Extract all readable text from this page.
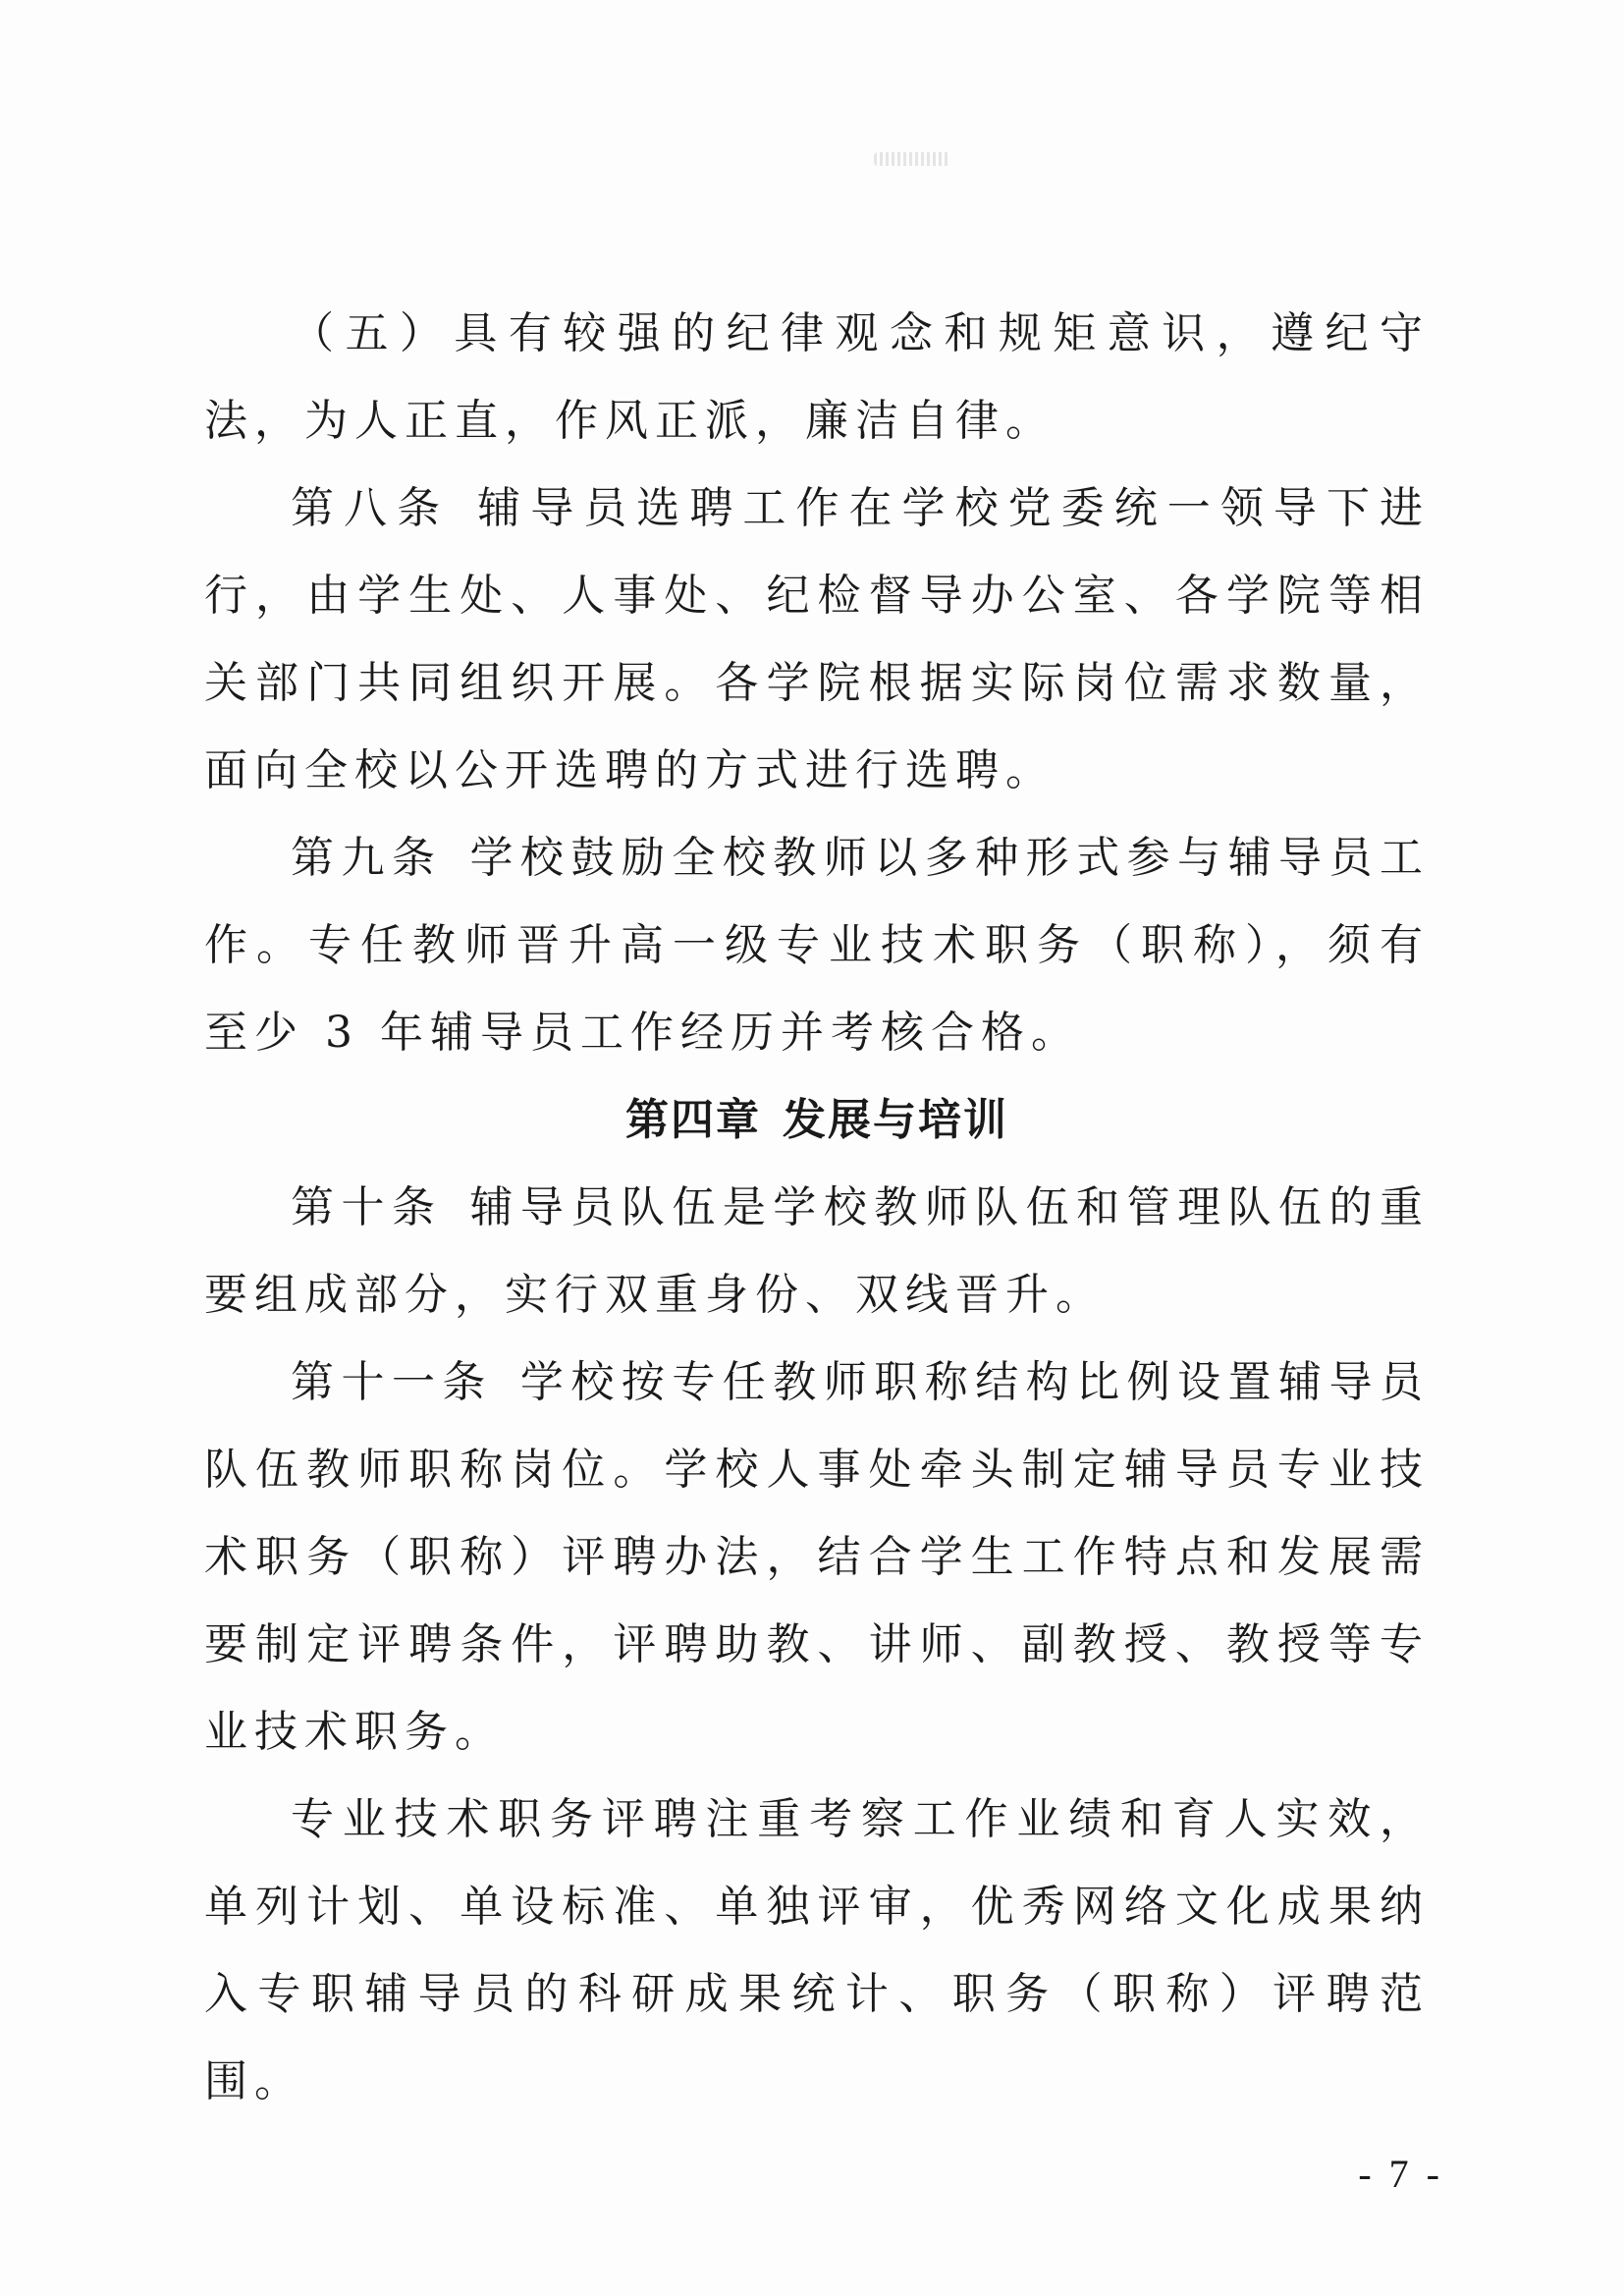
（五）具有较强的纪律观念和规矩意识，遵纪守法，为人正直，作风正派，廉洁自律。

第八条 辅导员选聘工作在学校党委统一领导下进行，由学生处、人事处、纪检督导办公室、各学院等相关部门共同组织开展。各学院根据实际岗位需求数量，面向全校以公开选聘的方式进行选聘。

第九条 学校鼓励全校教师以多种形式参与辅导员工作。专任教师晋升高一级专业技术职务（职称），须有至少 3 年辅导员工作经历并考核合格。

第四章 发展与培训

第十条 辅导员队伍是学校教师队伍和管理队伍的重要组成部分，实行双重身份、双线晋升。

第十一条 学校按专任教师职称结构比例设置辅导员队伍教师职称岗位。学校人事处牵头制定辅导员专业技术职务（职称）评聘办法，结合学生工作特点和发展需要制定评聘条件，评聘助教、讲师、副教授、教授等专业技术职务。

专业技术职务评聘注重考察工作业绩和育人实效，单列计划、单设标准、单独评审，优秀网络文化成果纳入专职辅导员的科研成果统计、职务（职称）评聘范围。

- 7 -
